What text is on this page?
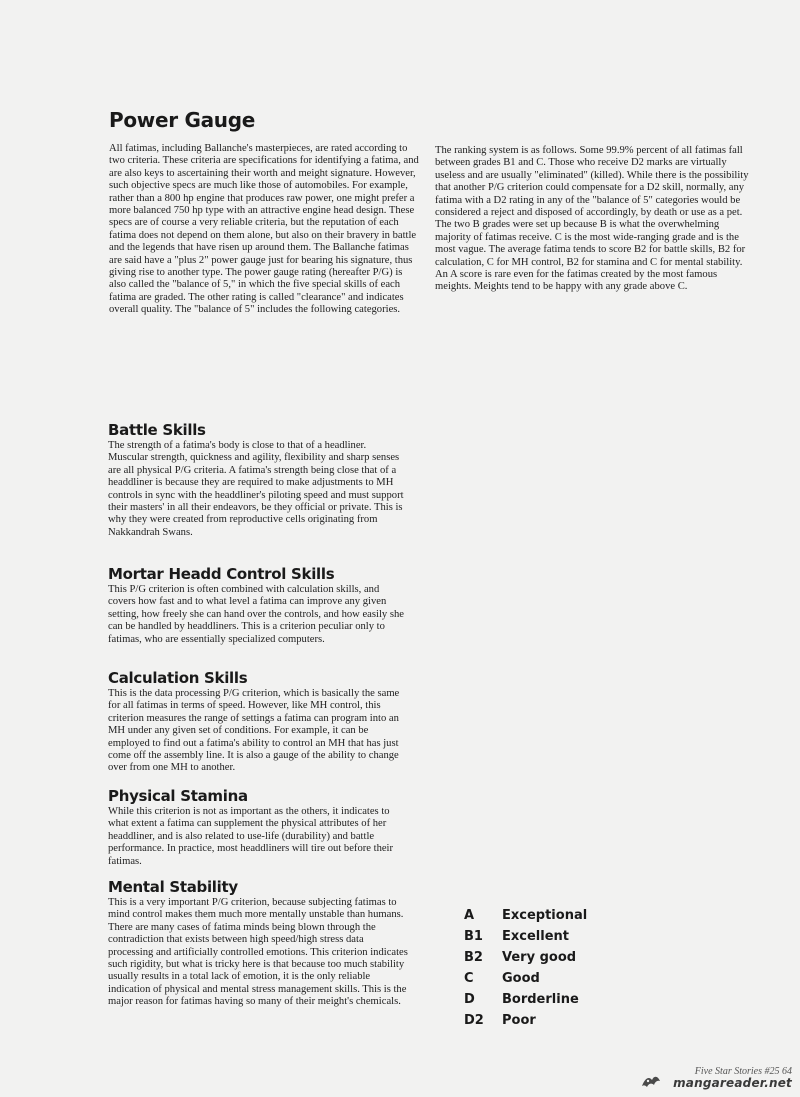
Power Gauge

All fatimas, including Ballanche's masterpieces, are rated according to two criteria. These criteria are specifications for identifying a fatima, and are also keys to ascertaining their worth and meight signature. However, such objective specs are much like those of automobiles. For example, rather than a 800 hp engine that produces raw power, one might prefer a more balanced 750 hp type with an attractive engine head design. These specs are of course a very reliable criteria, but the reputation of each fatima does not depend on them alone, but also on their bravery in battle and the legends that have risen up around them. The Ballanche fatimas are said have a "plus 2" power gauge just for bearing his signature, thus giving rise to another type. The power gauge rating (hereafter P/G) is also called the "balance of 5," in which the five special skills of each fatima are graded. The other rating is called "clearance" and indicates overall quality. The "balance of 5" includes the following categories.

The ranking system is as follows. Some 99.9% percent of all fatimas fall between grades B1 and C. Those who receive D2 marks are virtually useless and are usually "eliminated" (killed). While there is the possibility that another P/G criterion could compensate for a D2 skill, normally, any fatima with a D2 rating in any of the "balance of 5" categories would be considered a reject and disposed of accordingly, by death or use as a pet. The two B grades were set up because B is what the overwhelming majority of fatimas receive. C is the most wide-ranging grade and is the most vague. The average fatima tends to score B2 for battle skills, B2 for calculation, C for MH control, B2 for stamina and C for mental stability. An A score is rare even for the fatimas created by the most famous meights. Meights tend to be happy with any grade above C.

Battle Skills

The strength of a fatima's body is close to that of a headliner. Muscular strength, quickness and agility, flexibility and sharp senses are all physical P/G criteria. A fatima's strength being close that of a headdliner is because they are required to make adjustments to MH controls in sync with the headdliner's piloting speed and must support their masters' in all their endeavors, be they official or private. This is why they were created from reproductive cells originating from Nakkandrah Swans.

Mortar Headd Control Skills

This P/G criterion is often combined with calculation skills, and covers how fast and to what level a fatima can improve any given setting, how freely she can hand over the controls, and how easily she can be handled by headdliners. This is a criterion peculiar only to fatimas, who are essentially specialized computers.

Calculation Skills

This is the data processing P/G criterion, which is basically the same for all fatimas in terms of speed. However, like MH control, this criterion measures the range of settings a fatima can program into an MH under any given set of conditions. For example, it can be employed to find out a fatima's ability to control an MH that has just come off the assembly line. It is also a gauge of the ability to change over from one MH to another.

Physical Stamina

While this criterion is not as important as the others, it indicates to what extent a fatima can supplement the physical attributes of her headdliner, and is also related to use-life (durability) and battle performance. In practice, most headdliners will tire out before their fatimas.

Mental Stability

This is a very important P/G criterion, because subjecting fatimas to mind control makes them much more mentally unstable than humans. There are many cases of fatima minds being blown through the contradiction that exists between high speed/high stress data processing and artificially controlled emotions. This criterion indicates such rigidity, but what is tricky here is that because too much stability usually results in a total lack of emotion, it is the only reliable indication of physical and mental stress management skills. This is the major reason for fatimas having so many of their meight's chemicals.

A	Exceptional
B1	Excellent
B2	Very good
C	Good
D	Borderline
D2	Poor
Five Star Stories #25 64
mangareader.net
